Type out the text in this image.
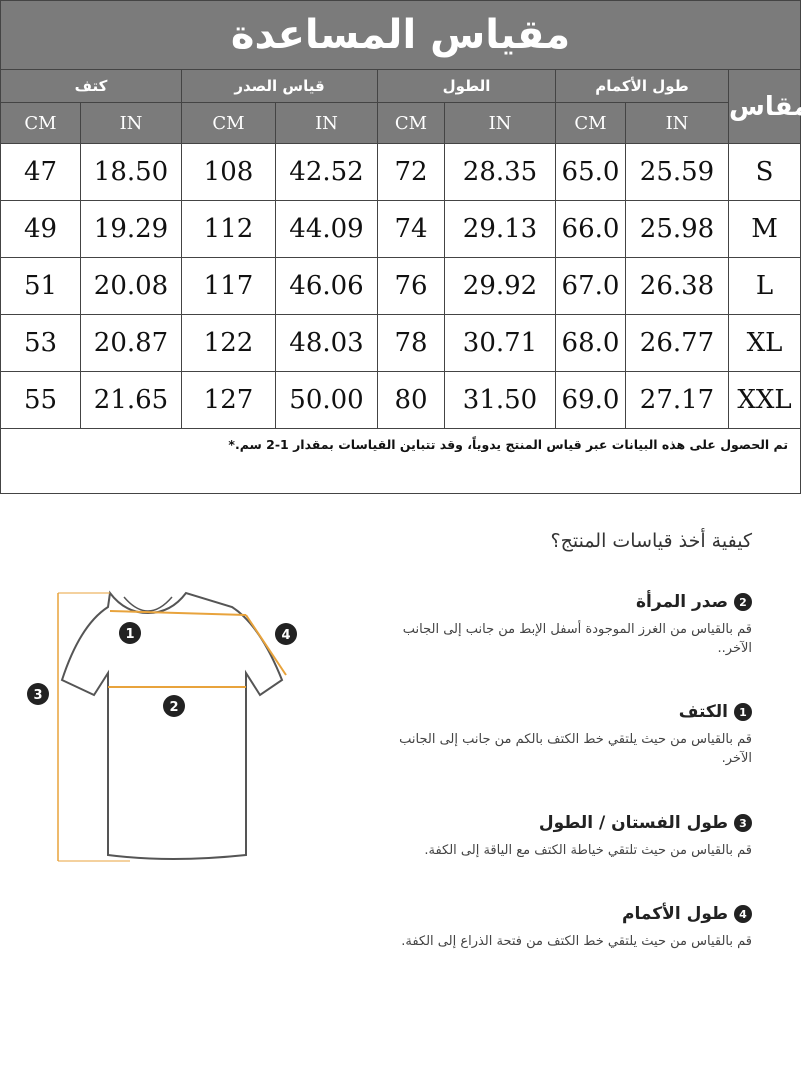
مقياس المساعدة								
كتف		قياس الصدر		الطول		طول الأكمام		مقاس
CM	IN	CM	IN	CM	IN	CM	IN	
47	18.50	108	42.52	72	28.35	65.0	25.59	S
49	19.29	112	44.09	74	29.13	66.0	25.98	M
51	20.08	117	46.06	76	29.92	67.0	26.38	L
53	20.87	122	48.03	78	30.71	68.0	26.77	XL
55	21.65	127	50.00	80	31.50	69.0	27.17	XXL
تم الحصول على هذه البيانات عبر قياس المنتج يدوياً، وقد تتباين القياسات بمقدار 1-2 سم.*								
1
2
3
4
كيفية أخذ قياسات المنتج؟
2
صدر المرأة
قم بالقياس من الغرز الموجودة أسفل الإبط من جانب إلى الجانب الآخر..
1
الكتف
قم بالقياس من حيث يلتقي خط الكتف بالكم من جانب إلى الجانب الآخر.
3
طول الفستان / الطول
قم بالقياس من حيث تلتقي خياطة الكتف مع الياقة إلى الكفة.
4
طول الأكمام
قم بالقياس من حيث يلتقي خط الكتف من فتحة الذراع إلى الكفة.
